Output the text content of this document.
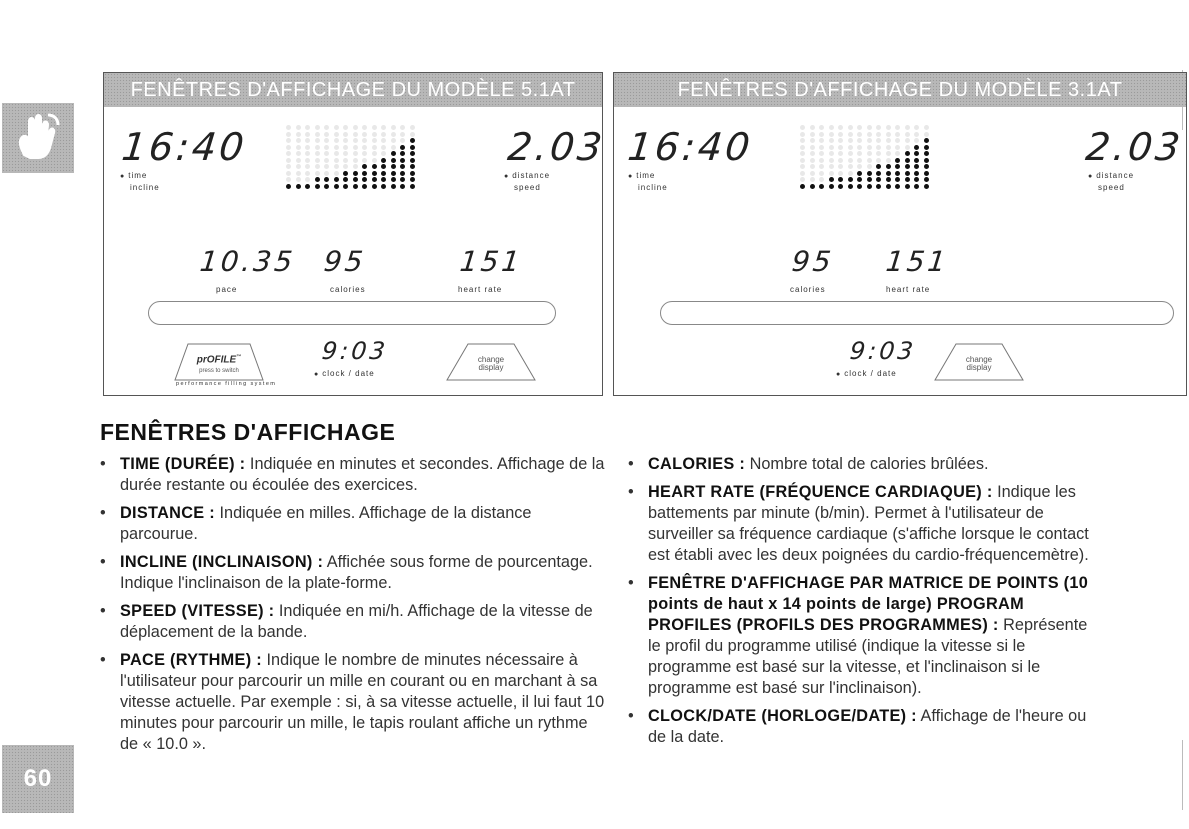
60
FENÊTRES D'AFFICHAGE DU MODÈLE 5.1AT
16:40
● time
incline
2.03
● distance
speed
10.35
pace
95
calories
151
heart rate
prOFILE™
press to switch
performance filling system
9:03
● clock / date
change
display
FENÊTRES D'AFFICHAGE DU MODÈLE 3.1AT
16:40
● time
incline
2.03
● distance
speed
95
calories
151
heart rate
9:03
● clock / date
change
display
FENÊTRES D'AFFICHAGE
• TIME (DURÉE) : Indiquée en minutes et secondes. Affichage de la durée restante ou écoulée des exercices.
• DISTANCE : Indiquée en milles. Affichage de la distance parcourue.
• INCLINE (INCLINAISON) : Affichée sous forme de pourcentage. Indique l'inclinaison de la plate-forme.
• SPEED (VITESSE) : Indiquée en mi/h. Affichage de la vitesse de déplacement de la bande.
• PACE (RYTHME) : Indique le nombre de minutes nécessaire à l'utilisateur pour parcourir un mille en courant ou en marchant à sa vitesse actuelle. Par exemple : si, à sa vitesse actuelle, il lui faut 10 minutes pour parcourir un mille, le tapis roulant affiche un rythme de « 10.0 ».
• CALORIES : Nombre total de calories brûlées.
• HEART RATE (FRÉQUENCE CARDIAQUE) : Indique les battements par minute (b/min). Permet à l'utilisateur de surveiller sa fréquence cardiaque (s'affiche lorsque le contact est établi avec les deux poignées du cardio-fréquencemètre).
• FENÊTRE D'AFFICHAGE PAR MATRICE DE POINTS (10 points de haut x 14 points de large) PROGRAM PROFILES (PROFILS DES PROGRAMMES) : Représente le profil du programme utilisé (indique la vitesse si le programme est basé sur la vitesse, et l'inclinaison si le programme est basé sur l'inclinaison).
• CLOCK/DATE (HORLOGE/DATE) : Affichage de l'heure ou de la date.
